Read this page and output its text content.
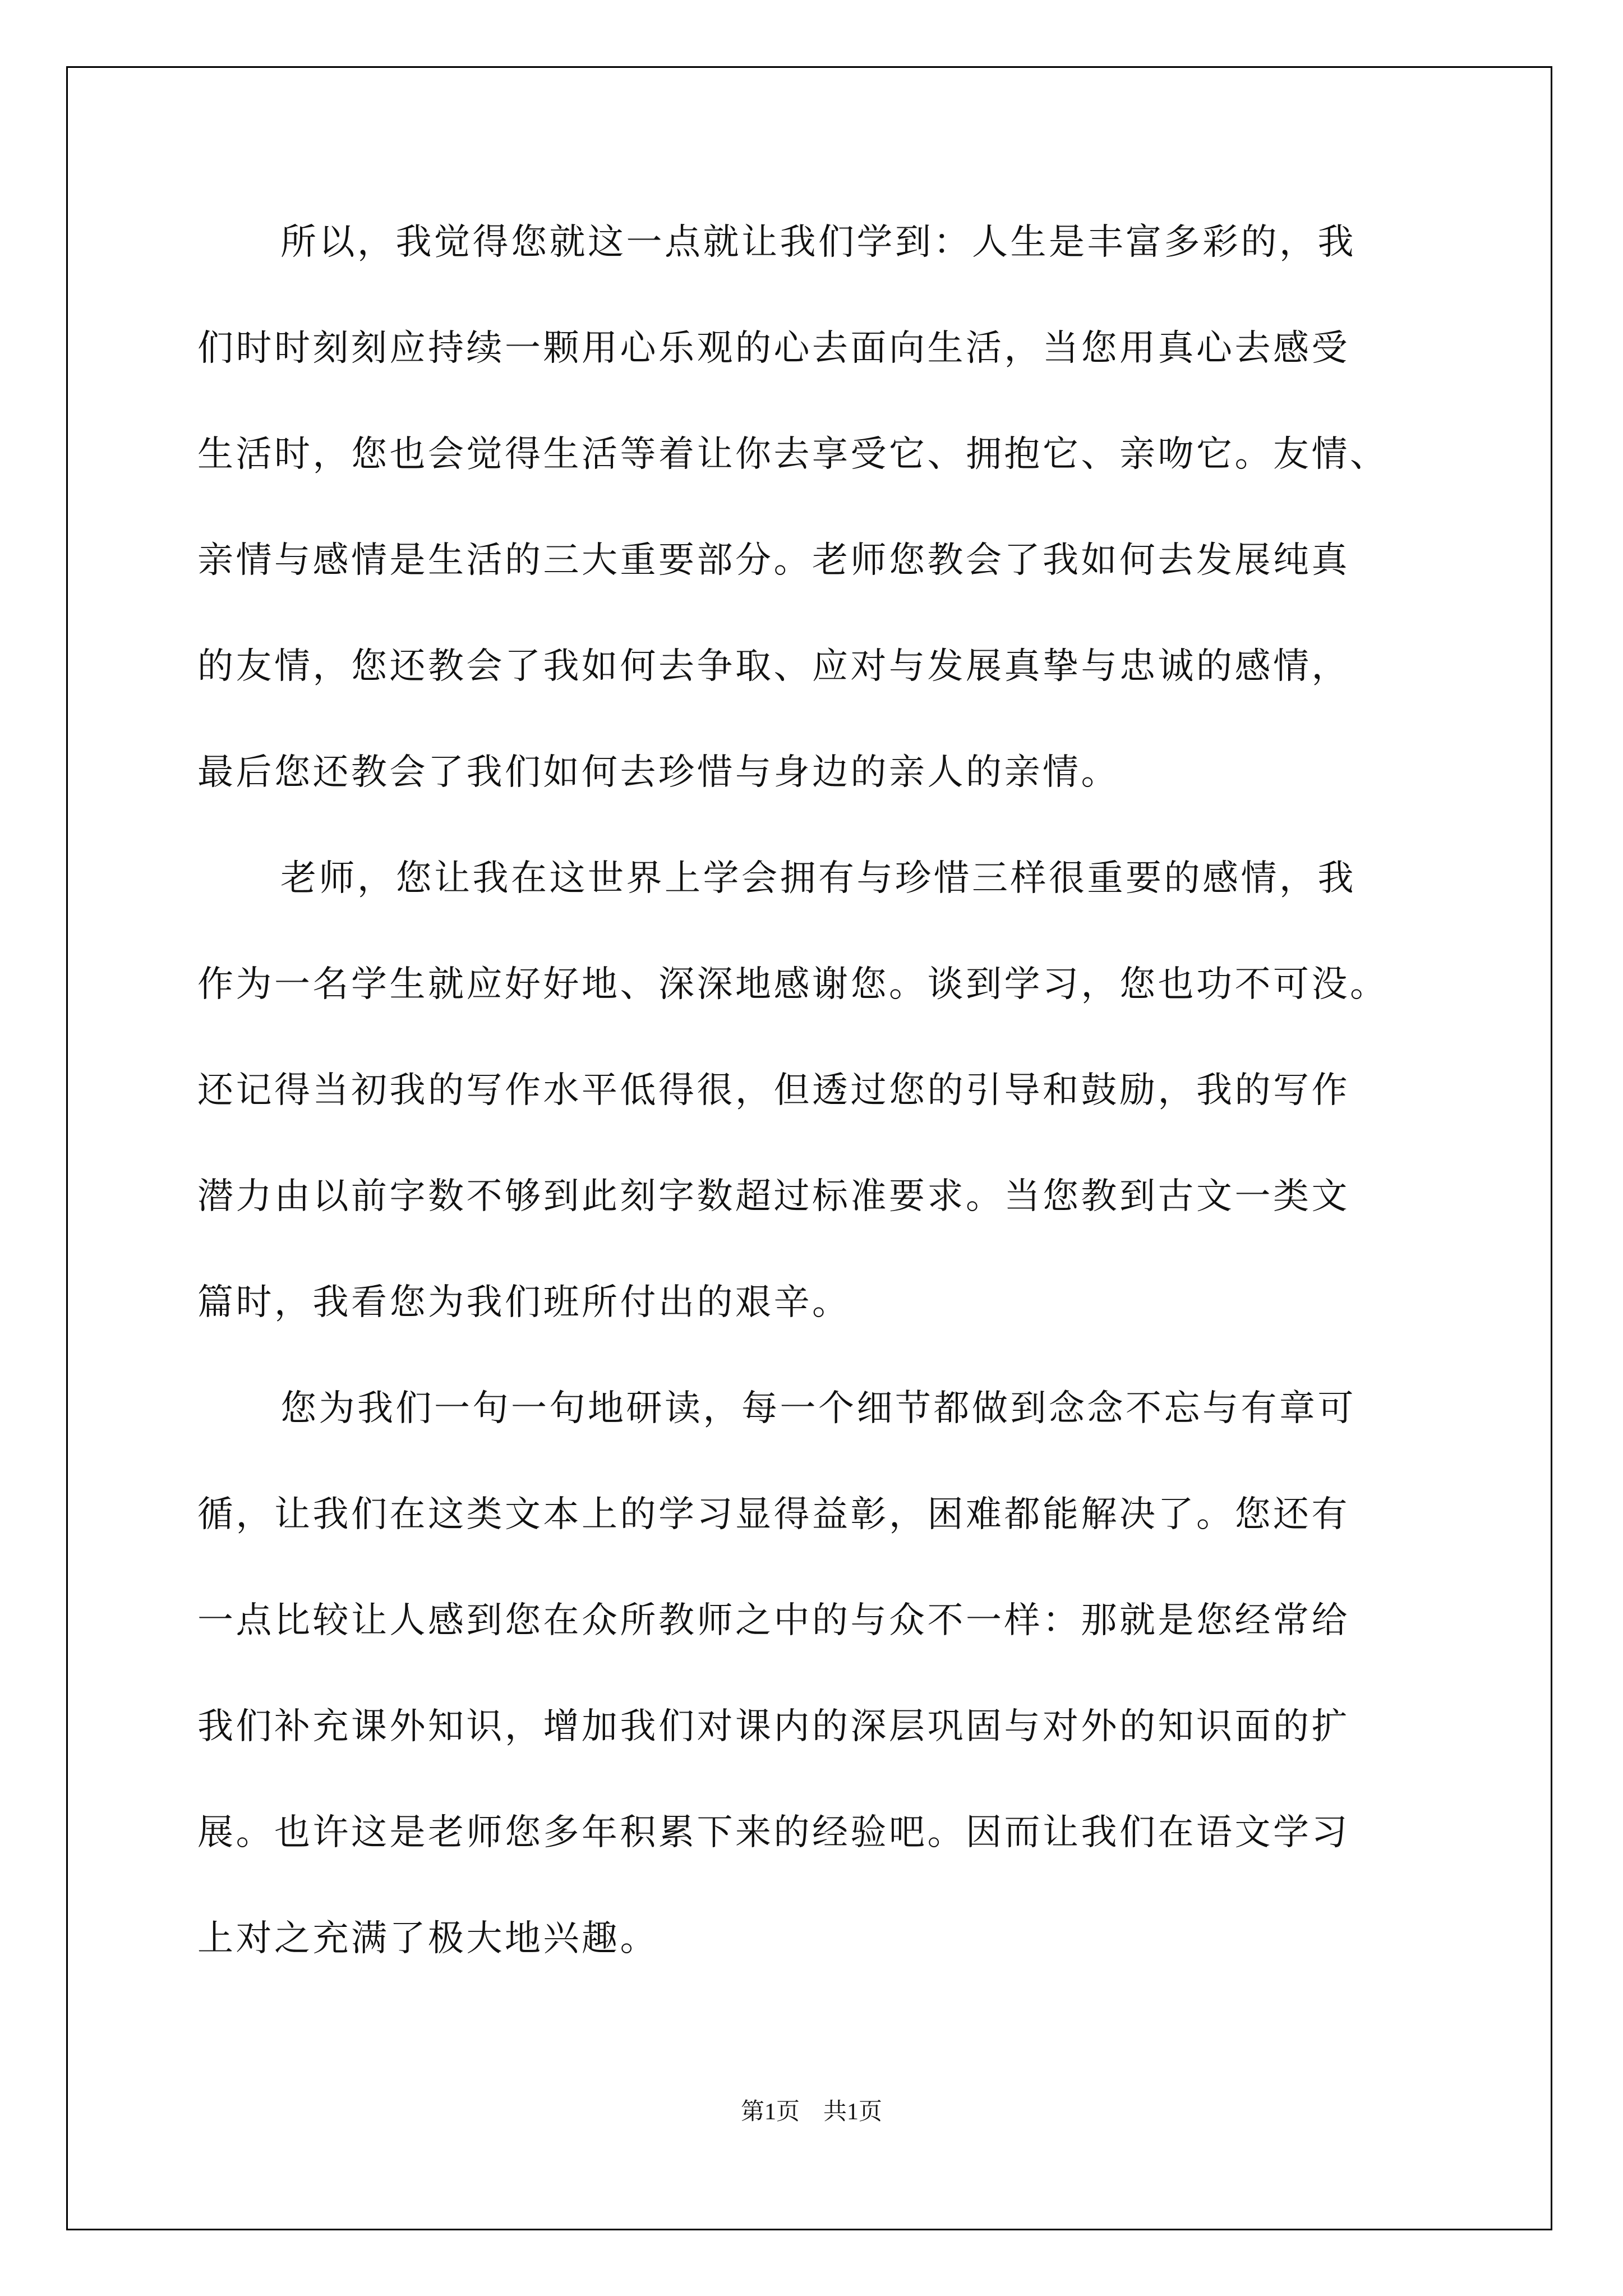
所以，我觉得您就这一点就让我们学到：人生是丰富多彩的，我
们时时刻刻应持续一颗用心乐观的心去面向生活，当您用真心去感受
生活时，您也会觉得生活等着让你去享受它、拥抱它、亲吻它。友情、
亲情与感情是生活的三大重要部分。老师您教会了我如何去发展纯真
的友情，您还教会了我如何去争取、应对与发展真挚与忠诚的感情，
最后您还教会了我们如何去珍惜与身边的亲人的亲情。
老师，您让我在这世界上学会拥有与珍惜三样很重要的感情，我
作为一名学生就应好好地、深深地感谢您。谈到学习，您也功不可没。
还记得当初我的写作水平低得很，但透过您的引导和鼓励，我的写作
潜力由以前字数不够到此刻字数超过标准要求。当您教到古文一类文
篇时，我看您为我们班所付出的艰辛。
您为我们一句一句地研读，每一个细节都做到念念不忘与有章可
循，让我们在这类文本上的学习显得益彰，困难都能解决了。您还有
一点比较让人感到您在众所教师之中的与众不一样：那就是您经常给
我们补充课外知识，增加我们对课内的深层巩固与对外的知识面的扩
展。也许这是老师您多年积累下来的经验吧。因而让我们在语文学习
上对之充满了极大地兴趣。
第1页　共1页
